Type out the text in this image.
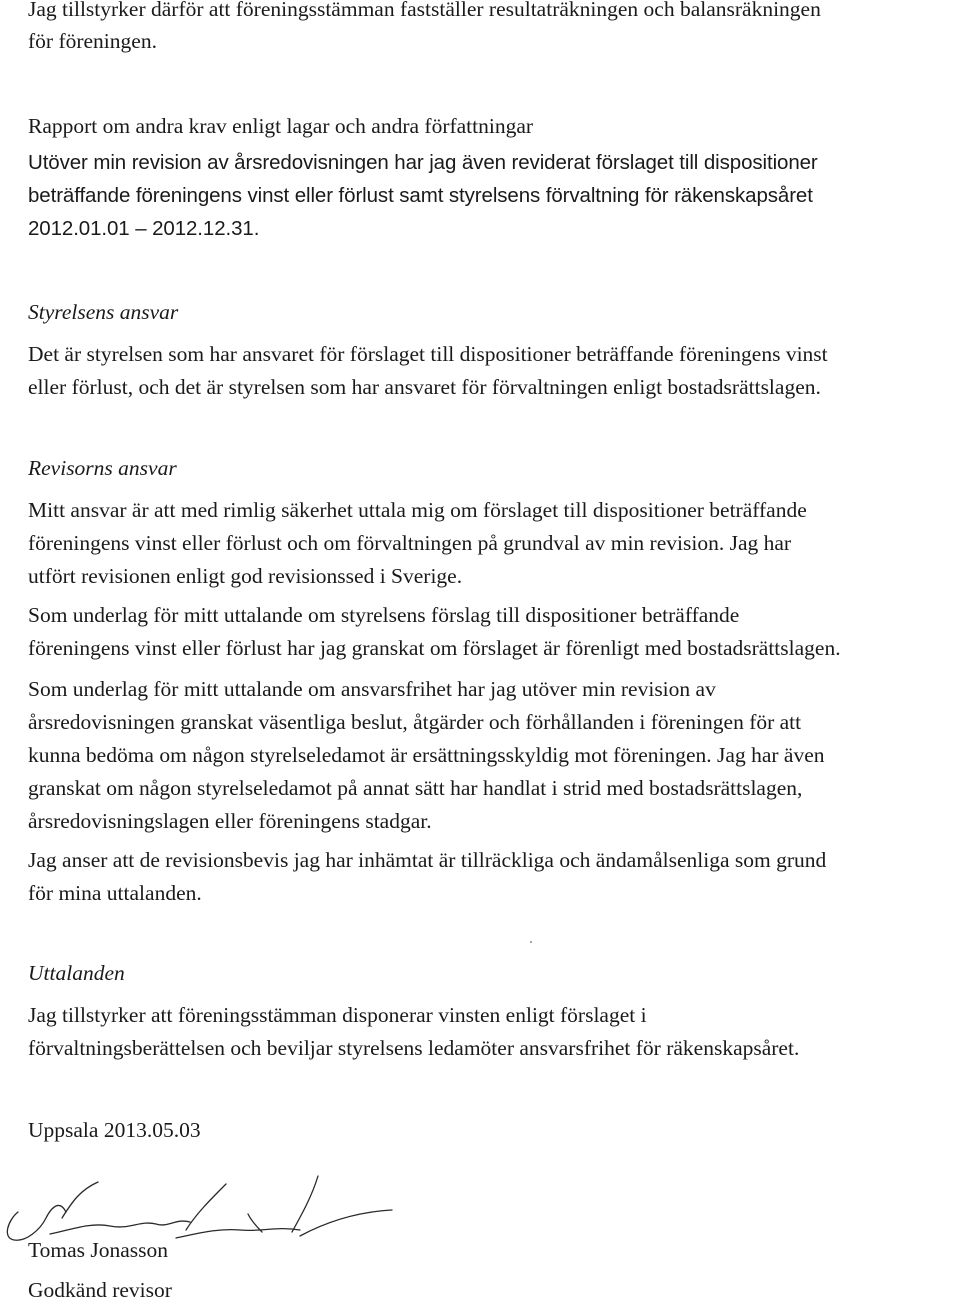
Jag tillstyrker därför att föreningsstämman fastställer resultaträkningen och balansräkningen

för föreningen.

Rapport om andra krav enligt lagar och andra författningar

Utöver min revision av årsredovisningen har jag även reviderat förslaget till dispositioner

beträffande föreningens vinst eller förlust samt styrelsens förvaltning för räkenskapsåret

2012.01.01 – 2012.12.31.

Styrelsens ansvar

Det är styrelsen som har ansvaret för förslaget till dispositioner beträffande föreningens vinst

eller förlust, och det är styrelsen som har ansvaret för förvaltningen enligt bostadsrättslagen.

Revisorns ansvar

Mitt ansvar är att med rimlig säkerhet uttala mig om förslaget till dispositioner beträffande

föreningens vinst eller förlust och om förvaltningen på grundval av min revision. Jag har

utfört revisionen enligt god revisionssed i Sverige.

Som underlag för mitt uttalande om styrelsens förslag till dispositioner beträffande

föreningens vinst eller förlust har jag granskat om förslaget är förenligt med bostadsrättslagen.

Som underlag för mitt uttalande om ansvarsfrihet har jag utöver min revision av

årsredovisningen granskat väsentliga beslut, åtgärder och förhållanden i föreningen för att

kunna bedöma om någon styrelseledamot är ersättningsskyldig mot föreningen. Jag har även

granskat om någon styrelseledamot på annat sätt har handlat i strid med bostadsrättslagen,

årsredovisningslagen eller föreningens stadgar.

Jag anser att de revisionsbevis jag har inhämtat är tillräckliga och ändamålsenliga som grund

för mina uttalanden.

Uttalanden

Jag tillstyrker att föreningsstämman disponerar vinsten enligt förslaget i

förvaltningsberättelsen och beviljar styrelsens ledamöter ansvarsfrihet för räkenskapsåret.

Uppsala 2013.05.03

Tomas Jonasson

Godkänd revisor
